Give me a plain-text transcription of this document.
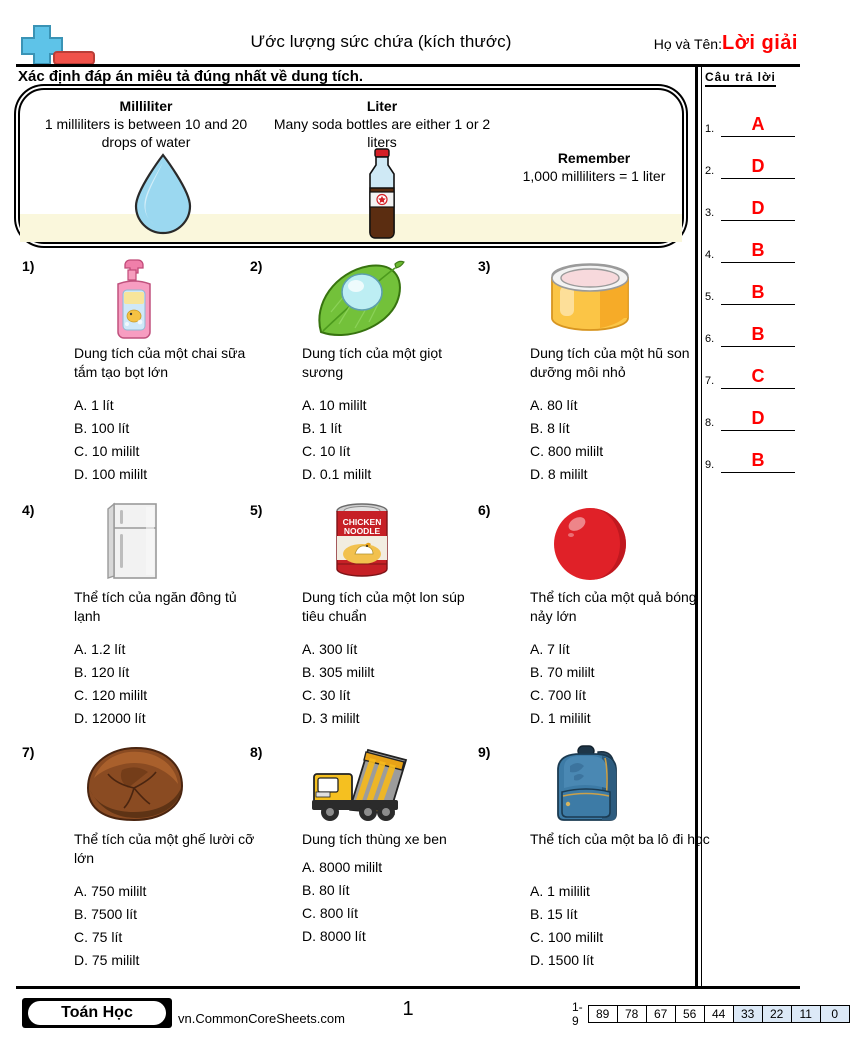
Ước lượng sức chứa (kích thước)	Họ và Tên:Lời giải
Xác định đáp án miêu tả đúng nhất về dung tích.
Milliliter
1 milliliters is between 10 and 20 drops of water
Liter
Many soda bottles are either 1 or 2 liters
Remember
1,000 milliliters = 1 liter
Câu trả lời
1.	A
2.	D
3.	D
4.	B
5.	B
6.	B
7.	C
8.	D
9.	B
1)
Dung tích của một chai sữa tắm tạo bọt lớn
A. 1 lít
B. 100 lít
C. 10 mililt
D. 100 mililt
2)
Dung tích của một giọt sương
A. 10 mililt
B. 1 lít
C. 10 lít
D. 0.1 mililt
3)
Dung tích của một hũ son dưỡng môi nhỏ
A. 80 lít
B. 8 lít
C. 800 mililt
D. 8 mililt
4)
Thể tích của ngăn đông tủ lạnh
A. 1.2 lít
B. 120 lít
C. 120 mililt
D. 12000 lít
5)
CHICKEN
NOODLE
Dung tích của một lon súp tiêu chuẩn
A. 300 lít
B. 305 mililt
C. 30 lít
D. 3 mililt
6)
Thể tích của một quả bóng nảy lớn
A. 7 lít
B. 70 mililt
C. 700 lít
D. 1 mililit
7)
Thể tích của một ghế lười cỡ lớn
A. 750 mililt
B. 7500 lít
C. 75 lít
D. 75 mililt
8)
Dung tích thùng xe ben
A. 8000 mililt
B. 80 lít
C. 800 lít
D. 8000 lít
9)
Thể tích của một ba lô đi học
A. 1 mililit
B. 15 lít
C. 100 mililt
D. 1500 lít
Toán Học	vn.CommonCoreSheets.com	1	1-9	89	78	67	56	44	33	22	11	0
